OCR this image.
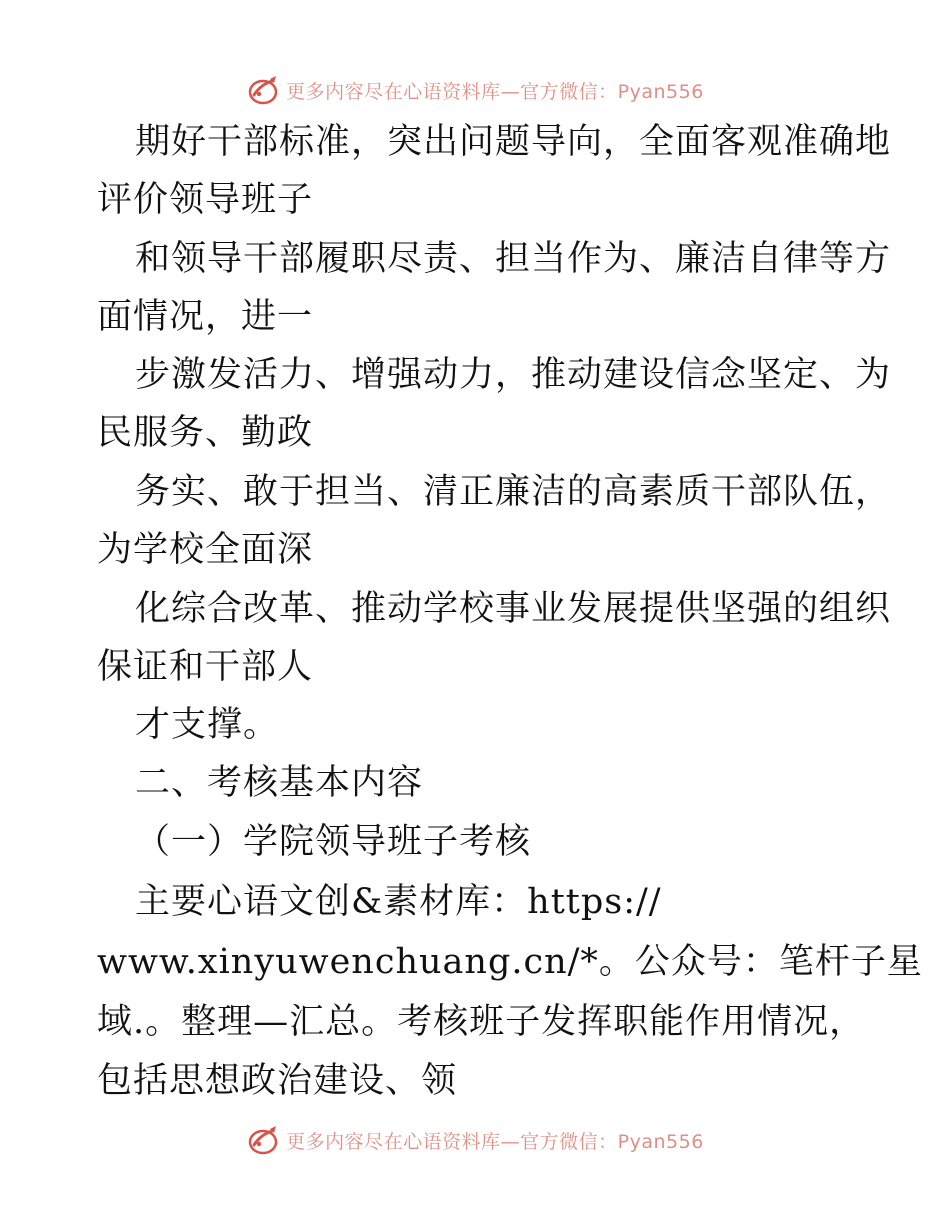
更多内容尽在心语资料库—官方微信：Pyan556
期好干部标准，突出问题导向，全面客观准确地
评价领导班子
和领导干部履职尽责、担当作为、廉洁自律等方
面情况，进一
步激发活力、增强动力，推动建设信念坚定、为
民服务、勤政
务实、敢于担当、清正廉洁的高素质干部队伍，
为学校全面深
化综合改革、推动学校事业发展提供坚强的组织
保证和干部人
才支撑。
二、考核基本内容
（一）学院领导班子考核
主要心语文创&素材库：https://
www.xinyuwenchuang.cn/*。公众号：笔杆子星
域.。整理—汇总。考核班子发挥职能作用情况，
包括思想政治建设、领
更多内容尽在心语资料库—官方微信：Pyan556
